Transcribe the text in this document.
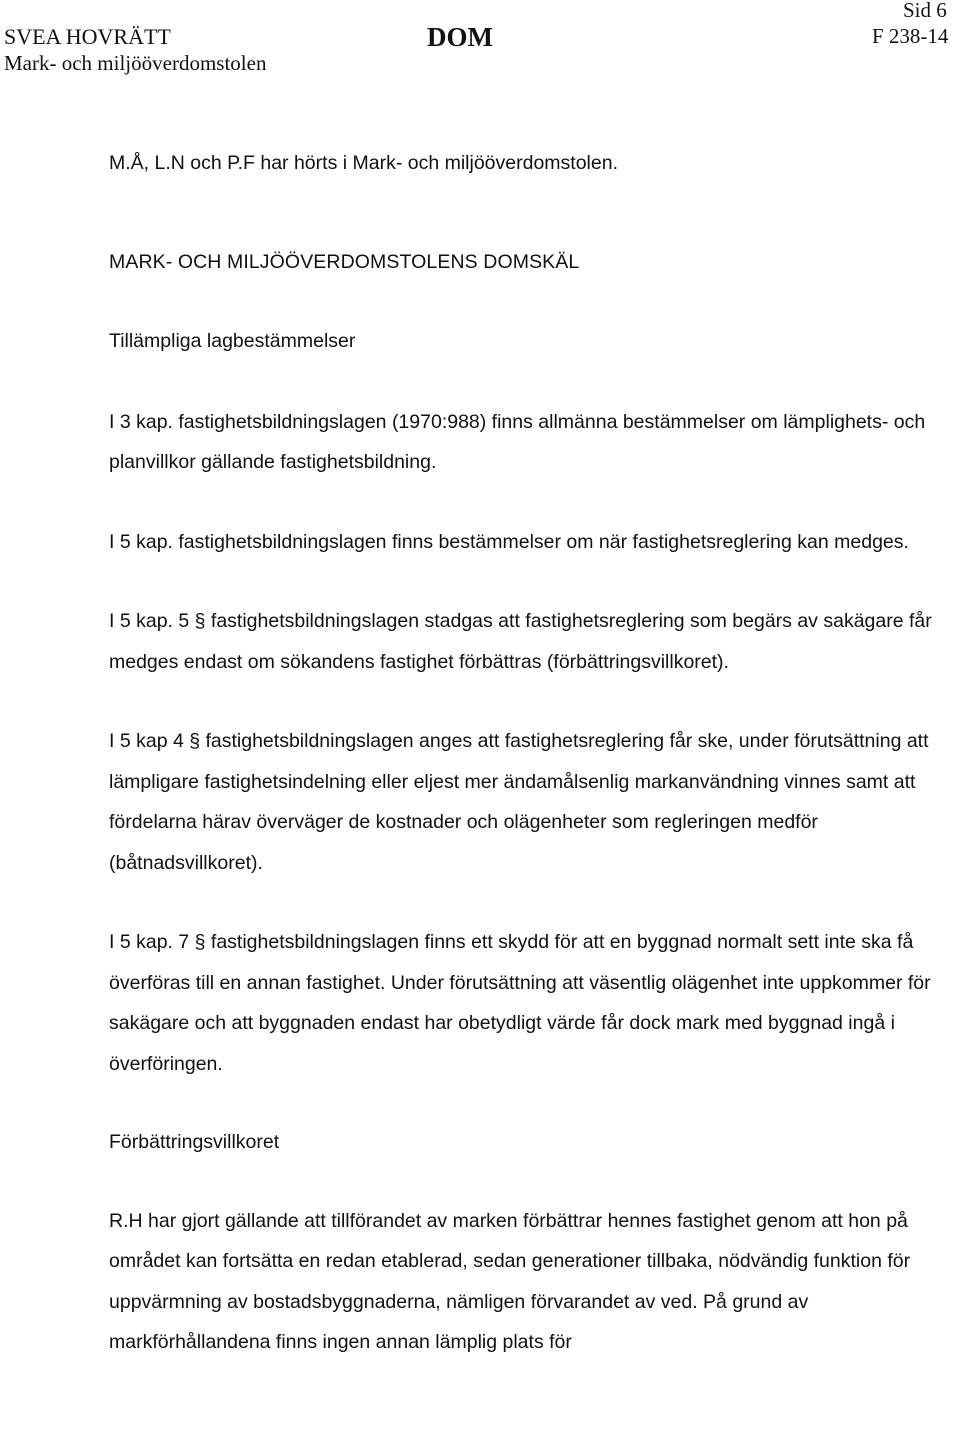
SVEA HOVRÄTT
Mark- och miljööverdomstolen
DOM	F 238-14
Sid 6

M.Å, L.N och P.F har hörts i Mark- och miljööverdomstolen.

MARK- OCH MILJÖÖVERDOMSTOLENS DOMSKÄL

Tillämpliga lagbestämmelser

I 3 kap. fastighetsbildningslagen (1970:988) finns allmänna bestämmelser om lämplighets- och planvillkor gällande fastighetsbildning.

I 5 kap. fastighetsbildningslagen finns bestämmelser om när fastighetsreglering kan medges.

I 5 kap. 5 § fastighetsbildningslagen stadgas att fastighetsreglering som begärs av sakägare får medges endast om sökandens fastighet förbättras (förbättringsvillkoret).

I 5 kap 4 § fastighetsbildningslagen anges att fastighetsreglering får ske, under förutsättning att lämpligare fastighetsindelning eller eljest mer ändamålsenlig markanvändning vinnes samt att fördelarna härav överväger de kostnader och olägenheter som regleringen medför (båtnadsvillkoret).

I 5 kap. 7 § fastighetsbildningslagen finns ett skydd för att en byggnad normalt sett inte ska få överföras till en annan fastighet. Under förutsättning att väsentlig olägenhet inte uppkommer för sakägare och att byggnaden endast har obetydligt värde får dock mark med byggnad ingå i överföringen.

Förbättringsvillkoret

R.H har gjort gällande att tillförandet av marken förbättrar hennes fastighet genom att hon på området kan fortsätta en redan etablerad, sedan generationer tillbaka, nödvändig funktion för uppvärmning av bostadsbyggnaderna, nämligen förvarandet av ved. På grund av markförhållandena finns ingen annan lämplig plats för
